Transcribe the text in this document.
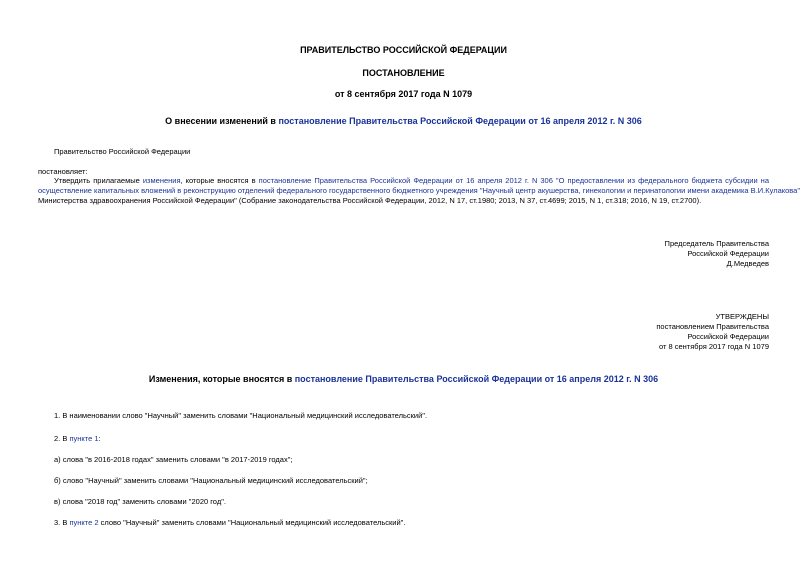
ПРАВИТЕЛЬСТВО РОССИЙСКОЙ ФЕДЕРАЦИИ
ПОСТАНОВЛЕНИЕ
от 8 сентября 2017 года N 1079
О внесении изменений в постановление Правительства Российской Федерации от 16 апреля 2012 г. N 306
Правительство Российской Федерации
постановляет:
Утвердить прилагаемые изменения, которые вносятся в постановление Правительства Российской Федерации от 16 апреля 2012 г. N 306 "О предоставлении из федерального бюджета субсидии на
осуществление капитальных вложений в реконструкцию отделений федерального государственного бюджетного учреждения "Научный центр акушерства, гинекологии и перинатологии имени академика В.И.Кулакова"
Министерства здравоохранения Российской Федерации" (Собрание законодательства Российской Федерации, 2012, N 17, ст.1980; 2013, N 37, ст.4699; 2015, N 1, ст.318; 2016, N 19, ст.2700).
Председатель Правительства
Российской Федерации
Д.Медведев
УТВЕРЖДЕНЫ
постановлением Правительства
Российской Федерации
от 8 сентября 2017 года N 1079
Изменения, которые вносятся в постановление Правительства Российской Федерации от 16 апреля 2012 г. N 306
1. В наименовании слово "Научный" заменить словами "Национальный медицинский исследовательский".
2. В пункте 1:
а) слова "в 2016-2018 годах" заменить словами "в 2017-2019 годах";
б) слово "Научный" заменить словами "Национальный медицинский исследовательский";
в) слова "2018 год" заменить словами "2020 год".
3. В пункте 2 слово "Научный" заменить словами "Национальный медицинский исследовательский".
